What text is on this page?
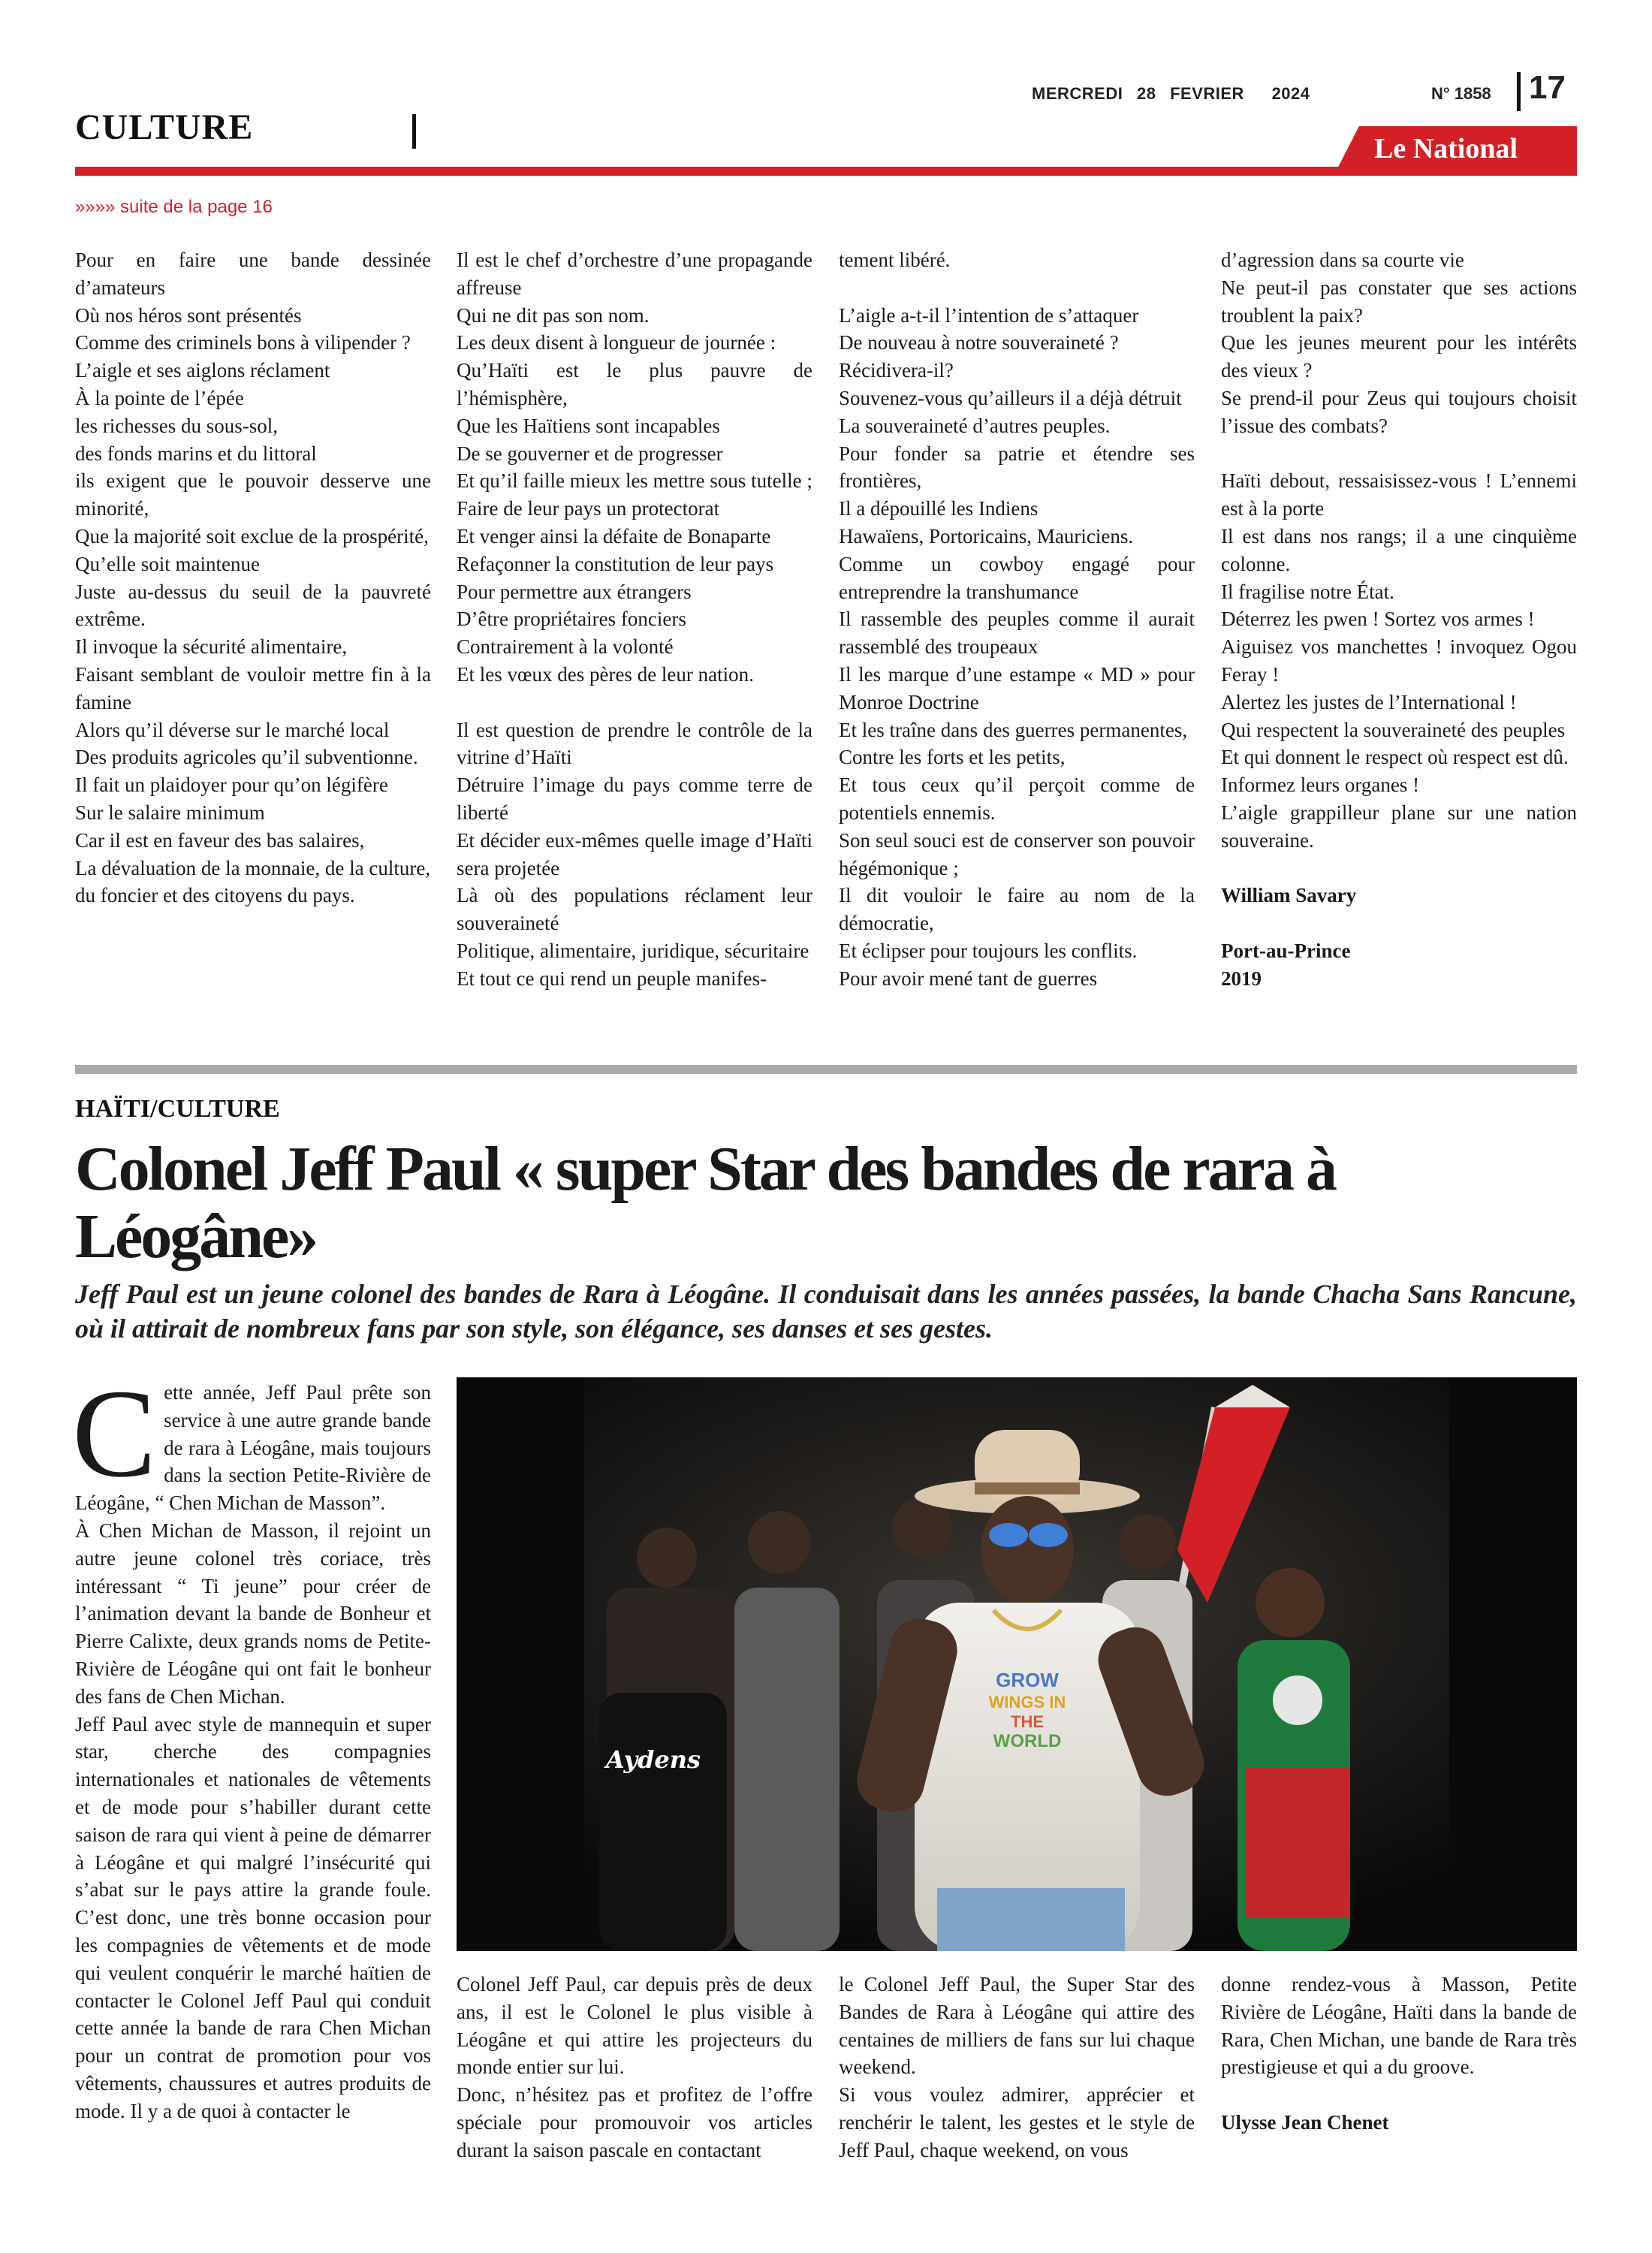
MERCREDI 28 FEVRIER 2024	N° 1858 17
CULTURE
Le National
»»»» suite de la page 16

Pour en faire une bande dessinée d’amateurs

Où nos héros sont présentés

Comme des criminels bons à vilipender ?

L’aigle et ses aiglons réclament

À la pointe de l’épée

les richesses du sous-sol,

des fonds marins et du littoral

ils exigent que le pouvoir desserve une minorité,

Que la majorité soit exclue de la prospérité,

Qu’elle soit maintenue

Juste au-dessus du seuil de la pauvreté extrême.

Il invoque la sécurité alimentaire,

Faisant semblant de vouloir mettre fin à la famine

Alors qu’il déverse sur le marché local

Des produits agricoles qu’il subventionne.

Il fait un plaidoyer pour qu’on légifère

Sur le salaire minimum

Car il est en faveur des bas salaires,

La dévaluation de la monnaie, de la culture,

du foncier et des citoyens du pays.

Il est le chef d’orchestre d’une propagande affreuse

Qui ne dit pas son nom.

Les deux disent à longueur de journée :

Qu’Haïti est le plus pauvre de l’hémisphère,

Que les Haïtiens sont incapables

De se gouverner et de progresser

Et qu’il faille mieux les mettre sous tutelle ;

Faire de leur pays un protectorat

Et venger ainsi la défaite de Bonaparte

Refaçonner la constitution de leur pays

Pour permettre aux étrangers

D’être propriétaires fonciers

Contrairement à la volonté

Et les vœux des pères de leur nation.

Il est question de prendre le contrôle de la vitrine d’Haïti

Détruire l’image du pays comme terre de liberté

Et décider eux-mêmes quelle image d’Haïti sera projetée

Là où des populations réclament leur souveraineté

Politique, alimentaire, juridique, sécuritaire

Et tout ce qui rend un peuple manifes-

tement libéré.

L’aigle a-t-il l’intention de s’attaquer

De nouveau à notre souveraineté ?

Récidivera-il?

Souvenez-vous qu’ailleurs il a déjà détruit

La souveraineté d’autres peuples.

Pour fonder sa patrie et étendre ses frontières,

Il a dépouillé les Indiens

Hawaïens, Portoricains, Mauriciens.

Comme un cowboy engagé pour entreprendre la transhumance

Il rassemble des peuples comme il aurait rassemblé des troupeaux

Il les marque d’une estampe « MD » pour Monroe Doctrine

Et les traîne dans des guerres permanentes,

Contre les forts et les petits,

Et tous ceux qu’il perçoit comme de potentiels ennemis.

Son seul souci est de conserver son pouvoir hégémonique ;

Il dit vouloir le faire au nom de la démocratie,

Et éclipser pour toujours les conflits.

Pour avoir mené tant de guerres

d’agression dans sa courte vie

Ne peut-il pas constater que ses actions troublent la paix?

Que les jeunes meurent pour les intérêts des vieux ?

Se prend-il pour Zeus qui toujours choisit l’issue des combats?

Haïti debout, ressaisissez-vous ! L’ennemi est à la porte

Il est dans nos rangs; il a une cinquième colonne.

Il fragilise notre État.

Déterrez les pwen ! Sortez vos armes !

Aiguisez vos manchettes ! invoquez Ogou Feray !

Alertez les justes de l’International !

Qui respectent la souveraineté des peuples

Et qui donnent le respect où respect est dû.

Informez leurs organes !

L’aigle grappilleur plane sur une nation souveraine.

William Savary

Port-au-Prince

2019

HAÏTI/CULTURE
Colonel Jeff Paul « super Star des bandes de rara à Léogâne»
Jeff Paul est un jeune colonel des bandes de Rara à Léogâne. Il conduisait dans les années passées, la bande Chacha Sans Rancune, où il attirait de nombreux fans par son style, son élégance, ses danses et ses gestes.
C ette année, Jeff Paul prête son service à une autre grande bande de rara à Léogâne, mais toujours dans la section Petite-Rivière de Léogâne, “ Chen Michan de Masson”.

À Chen Michan de Masson, il rejoint un autre jeune colonel très coriace, très intéressant “ Ti jeune” pour créer de l’animation devant la bande de Bonheur et Pierre Calixte, deux grands noms de Petite-Rivière de Léogâne qui ont fait le bonheur des fans de Chen Michan.

Jeff Paul avec style de mannequin et super star, cherche des compagnies internationales et nationales de vêtements et de mode pour s’habiller durant cette saison de rara qui vient à peine de démarrer à Léogâne et qui malgré l’insécurité qui s’abat sur le pays attire la grande foule. C’est donc, une très bonne occasion pour les compagnies de vêtements et de mode qui veulent conquérir le marché haïtien de contacter le Colonel Jeff Paul qui conduit cette année la bande de rara Chen Michan pour un contrat de promotion pour vos vêtements, chaussures et autres produits de mode. Il y a de quoi à contacter le

GROW
WINGS IN
THE
WORLD
Aydens

Colonel Jeff Paul, car depuis près de deux ans, il est le Colonel le plus visible à Léogâne et qui attire les projecteurs du monde entier sur lui.

Donc, n’hésitez pas et profitez de l’offre spéciale pour promouvoir vos articles durant la saison pascale en contactant

le Colonel Jeff Paul, the Super Star des Bandes de Rara à Léogâne qui attire des centaines de milliers de fans sur lui chaque weekend.

Si vous voulez admirer, apprécier et renchérir le talent, les gestes et le style de Jeff Paul, chaque weekend, on vous

donne rendez-vous à Masson, Petite Rivière de Léogâne, Haïti dans la bande de Rara, Chen Michan, une bande de Rara très prestigieuse et qui a du groove.

Ulysse Jean Chenet
